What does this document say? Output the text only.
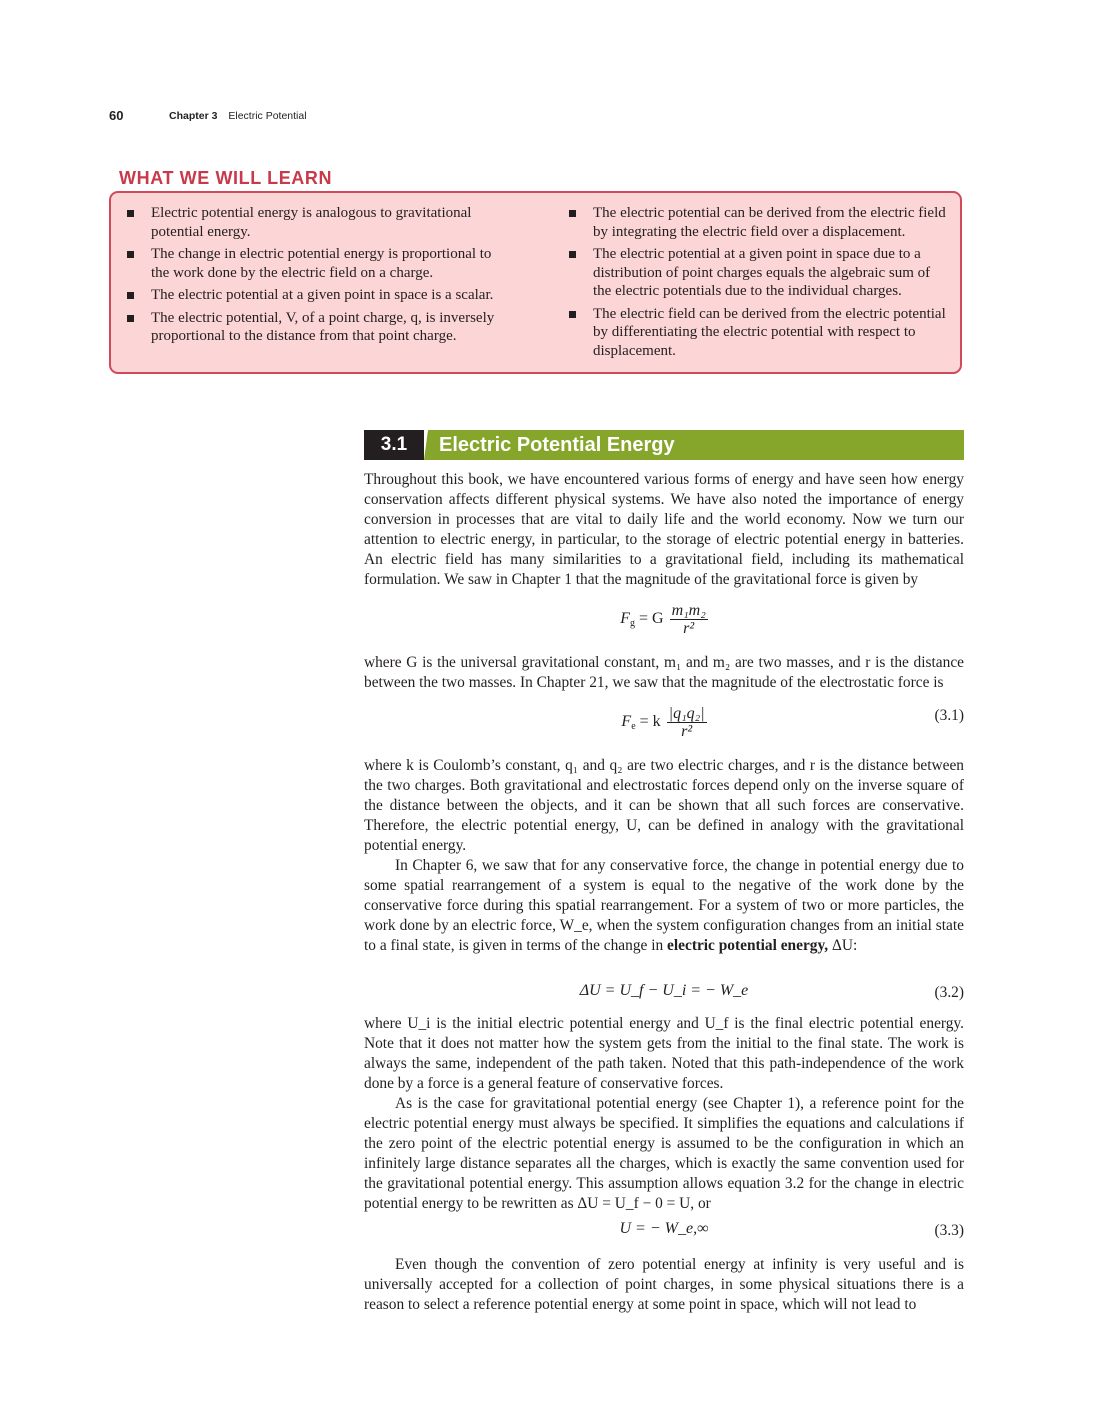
60	Chapter 3 Electric Potential
WHAT WE WILL LEARN
Electric potential energy is analogous to gravitational potential energy.
The change in electric potential energy is proportional to the work done by the electric field on a charge.
The electric potential at a given point in space is a scalar.
The electric potential, V, of a point charge, q, is inversely proportional to the distance from that point charge.
The electric potential can be derived from the electric field by integrating the electric field over a displacement.
The electric potential at a given point in space due to a distribution of point charges equals the algebraic sum of the electric potentials due to the individual charges.
The electric field can be derived from the electric potential by differentiating the electric potential with respect to displacement.
3.1	Electric Potential Energy
Throughout this book, we have encountered various forms of energy and have seen how energy conservation affects different physical systems. We have also noted the importance of energy conversion in processes that are vital to daily life and the world economy. Now we turn our attention to electric energy, in particular, to the storage of electric potential energy in batteries. An electric field has many similarities to a gravitational field, including its mathematical formulation. We saw in Chapter 1 that the magnitude of the gravitational force is given by
$F_g = G \frac{\text{m₁m₂}}{\text{r²}}$
where G is the universal gravitational constant, m₁ and m₂ are two masses, and r is the distance between the two masses. In Chapter 21, we saw that the magnitude of the electrostatic force is
$F_e = k \frac{\text{|q₁q₂|}}{\text{r²}}$	(3.1)
where k is Coulomb’s constant, q₁ and q₂ are two electric charges, and r is the distance between the two charges. Both gravitational and electrostatic forces depend only on the inverse square of the distance between the objects, and it can be shown that all such forces are conservative. Therefore, the electric potential energy, U, can be defined in analogy with the gravitational potential energy.
In Chapter 6, we saw that for any conservative force, the change in potential energy due to some spatial rearrangement of a system is equal to the negative of the work done by the conservative force during this spatial rearrangement. For a system of two or more particles, the work done by an electric force, W_e, when the system configuration changes from an initial state to a final state, is given in terms of the change in electric potential energy, ΔU:
ΔU = U_f − U_i = − W_e	(3.2)
where U_i is the initial electric potential energy and U_f is the final electric potential energy. Note that it does not matter how the system gets from the initial to the final state. The work is always the same, independent of the path taken. Noted that this path-independence of the work done by a force is a general feature of conservative forces.
As is the case for gravitational potential energy (see Chapter 1), a reference point for the electric potential energy must always be specified. It simplifies the equations and calculations if the zero point of the electric potential energy is assumed to be the configuration in which an infinitely large distance separates all the charges, which is exactly the same convention used for the gravitational potential energy. This assumption allows equation 3.2 for the change in electric potential energy to be rewritten as ΔU = U_f − 0 = U, or
U = − W_e,∞	(3.3)
Even though the convention of zero potential energy at infinity is very useful and is universally accepted for a collection of point charges, in some physical situations there is a reason to select a reference potential energy at some point in space, which will not lead to
